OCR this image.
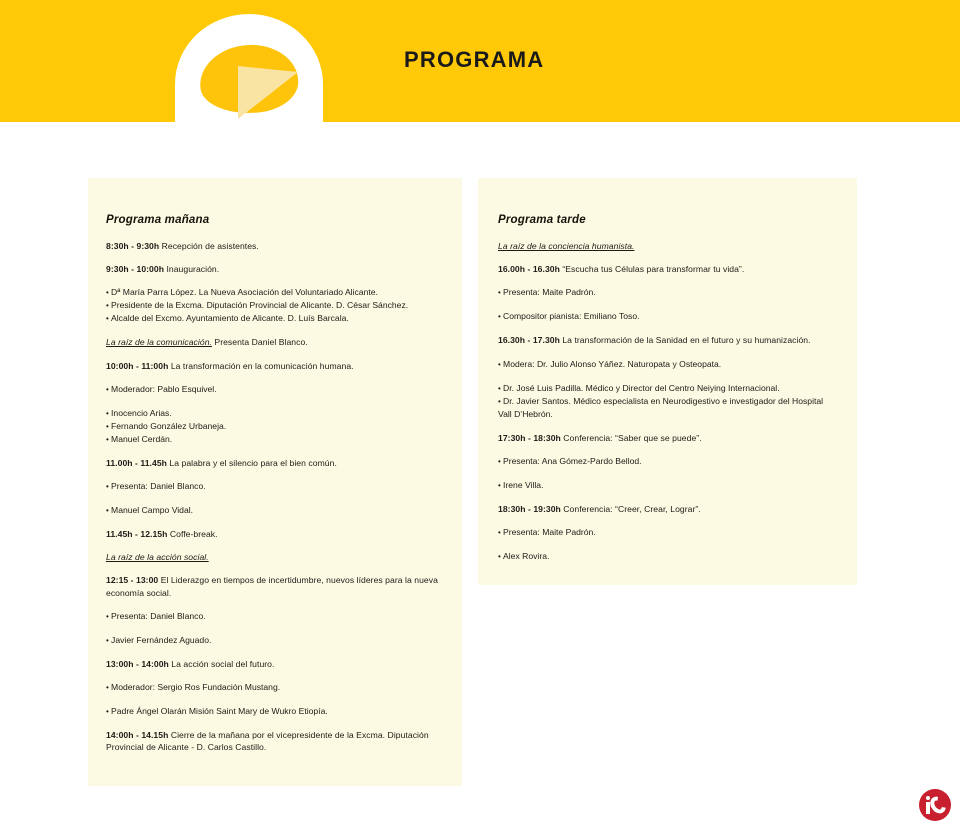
PROGRAMA
Programa mañana

8:30h - 9:30h Recepción de asistentes.

9:30h - 10:00h Inauguración.

• Dª María Parra López. La Nueva Asociación del Voluntariado Alicante.
• Presidente de la Excma. Diputación Provincial de Alicante. D. César Sánchez.
• Alcalde del Excmo. Ayuntamiento de Alicante. D. Luís Barcala.

La raíz de la comunicación. Presenta Daniel Blanco.

10:00h - 11:00h La transformación en la comunicación humana.

• Moderador: Pablo Esquivel.
• Inocencio Arias.
• Fernando González Urbaneja.
• Manuel Cerdán.

11.00h - 11.45h La palabra y el silencio para el bien común.

• Presenta: Daniel Blanco.
• Manuel Campo Vidal.

11.45h - 12.15h Coffe-break.

La raíz de la acción social.

12:15 - 13:00 El Liderazgo en tiempos de incertidumbre, nuevos líderes para la nueva economía social.

• Presenta: Daniel Blanco.
• Javier Fernández Aguado.

13:00h - 14:00h La acción social del futuro.

• Moderador: Sergio Ros Fundación Mustang.
• Padre Ángel Olarán Misión Saint Mary de Wukro Etiopía.

14:00h - 14.15h Cierre de la mañana por el vicepresidente de la Excma. Diputación Provincial de Alicante - D. Carlos Castillo.

Programa tarde

La raíz de la conciencia humanista.

16.00h - 16.30h “Escucha tus Células para transformar tu vida”.

• Presenta: Maite Padrón.
• Compositor pianista: Emiliano Toso.

16.30h - 17.30h La transformación de la Sanidad en el futuro y su humanización.

• Modera: Dr. Julio Alonso Yáñez. Naturopata y Osteopata.
• Dr. José Luis Padilla. Médico y Director del Centro Neiying Internacional.
• Dr. Javier Santos. Médico especialista en Neurodigestivo e investigador del Hospital Vall D’Hebrón.

17:30h - 18:30h Conferencia: “Saber que se puede”.

• Presenta: Ana Gómez-Pardo Bellod.
• Irene Villa.

18:30h - 19:30h Conferencia: “Creer, Crear, Lograr”.

• Presenta: Maite Padrón.
• Alex Rovira.
